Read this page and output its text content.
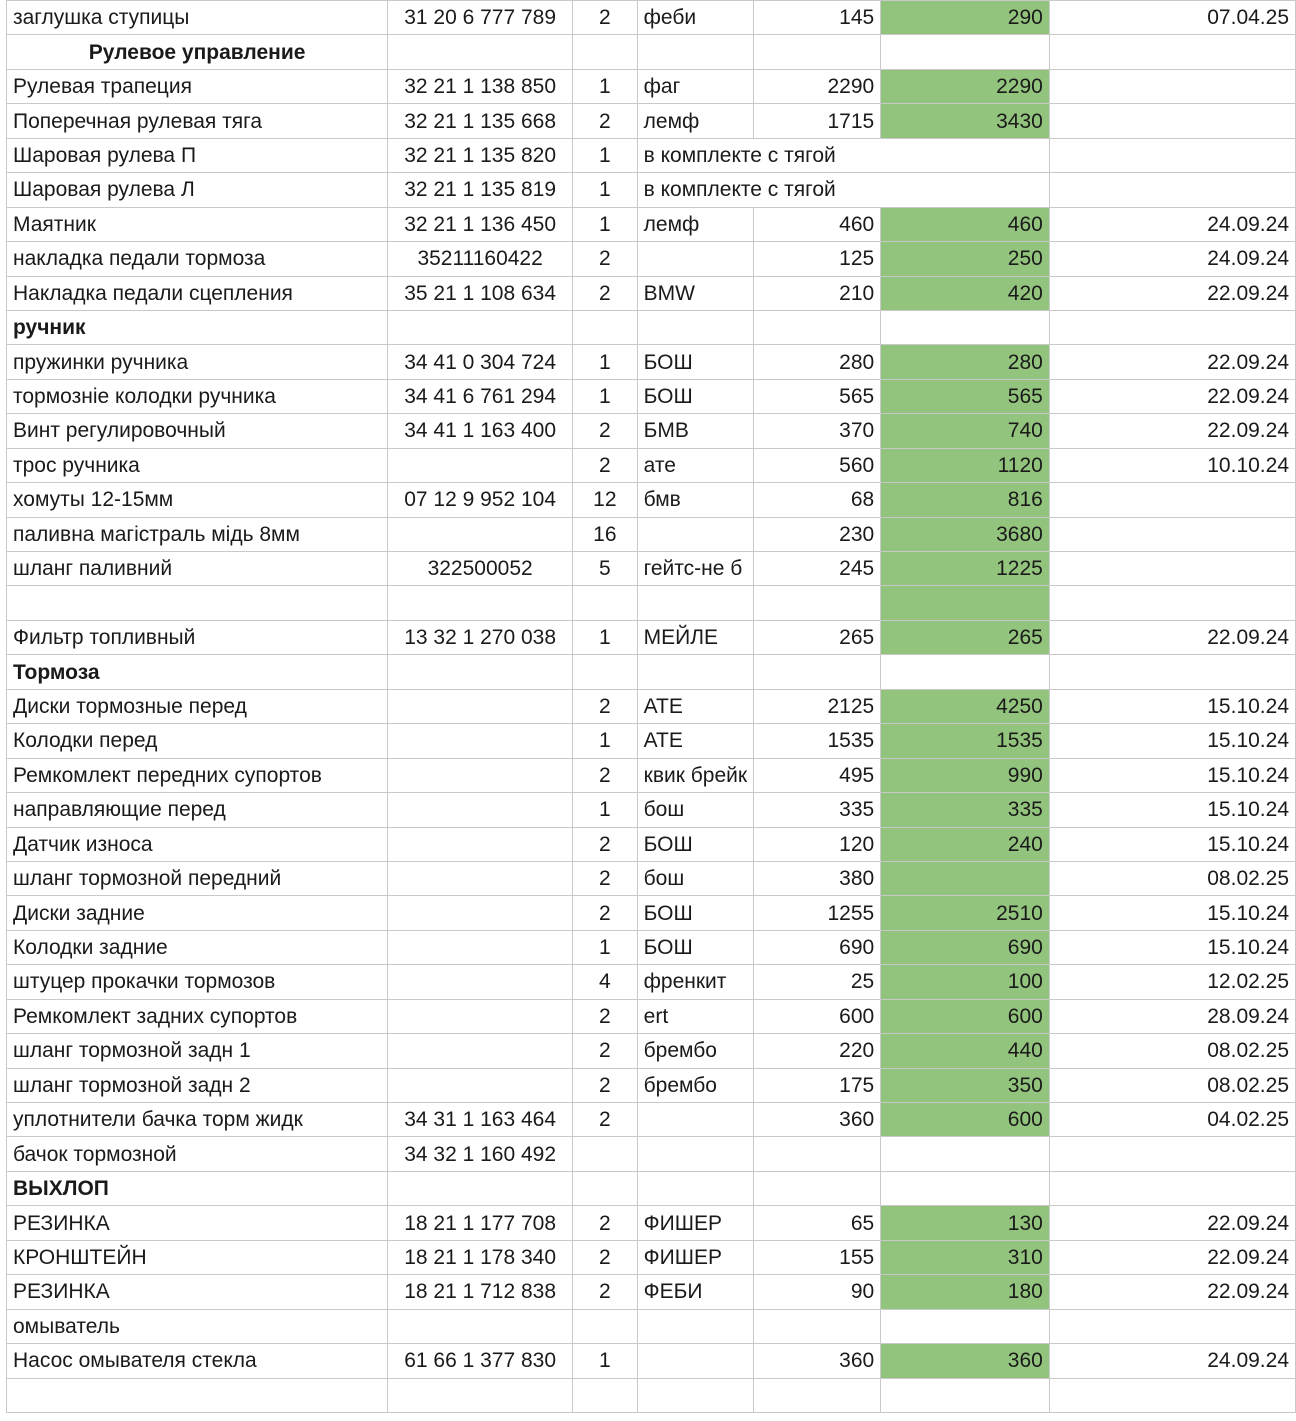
заглушка ступицы	31 20 6 777 789	2	феби	145	290	07.04.25
Рулевое управление						
Рулевая трапеция	32 21 1 138 850	1	фаг	2290	2290	
Поперечная рулевая тяга	32 21 1 135 668	2	лемф	1715	3430	
Шаровая рулева П	32 21 1 135 820	1	в комплекте с тягой			
Шаровая рулева Л	32 21 1 135 819	1	в комплекте с тягой			
Маятник	32 21 1 136 450	1	лемф	460	460	24.09.24
накладка педали тормоза	35211160422	2		125	250	24.09.24
Накладка педали сцепления	35 21 1 108 634	2	BMW	210	420	22.09.24
ручник						
пружинки ручника	34 41 0 304 724	1	БОШ	280	280	22.09.24
тормозніе колодки ручника	34 41 6 761 294	1	БОШ	565	565	22.09.24
Винт регулировочный	34 41 1 163 400	2	БМВ	370	740	22.09.24
трос ручника		2	ате	560	1120	10.10.24
хомуты 12-15мм	07 12 9 952 104	12	бмв	68	816	
паливна магістраль мідь 8мм		16		230	3680	
шланг паливний	322500052	5	гейтс-не б	245	1225	

Фильтр топливный	13 32 1 270 038	1	МЕЙЛЕ	265	265	22.09.24
Тормоза						
Диски тормозные перед		2	АТЕ	2125	4250	15.10.24
Колодки перед		1	АТЕ	1535	1535	15.10.24
Ремкомлект передних супортов		2	квик брейк	495	990	15.10.24
направляющие перед		1	бош	335	335	15.10.24
Датчик износа		2	БОШ	120	240	15.10.24
шланг тормозной передний		2	бош	380		08.02.25
Диски задние		2	БОШ	1255	2510	15.10.24
Колодки задние		1	БОШ	690	690	15.10.24
штуцер прокачки тормозов		4	френкит	25	100	12.02.25
Ремкомлект задних супортов		2	ert	600	600	28.09.24
шланг тормозной задн 1		2	брембо	220	440	08.02.25
шланг тормозной задн 2		2	брембо	175	350	08.02.25
уплотнители бачка торм жидк	34 31 1 163 464	2		360	600	04.02.25
бачок тормозной	34 32 1 160 492					
ВЫХЛОП						
РЕЗИНКА	18 21 1 177 708	2	ФИШЕР	65	130	22.09.24
КРОНШТЕЙН	18 21 1 178 340	2	ФИШЕР	155	310	22.09.24
РЕЗИНКА	18 21 1 712 838	2	ФЕБИ	90	180	22.09.24
омыватель						
Насос омывателя стекла	61 66 1 377 830	1		360	360	24.09.24
